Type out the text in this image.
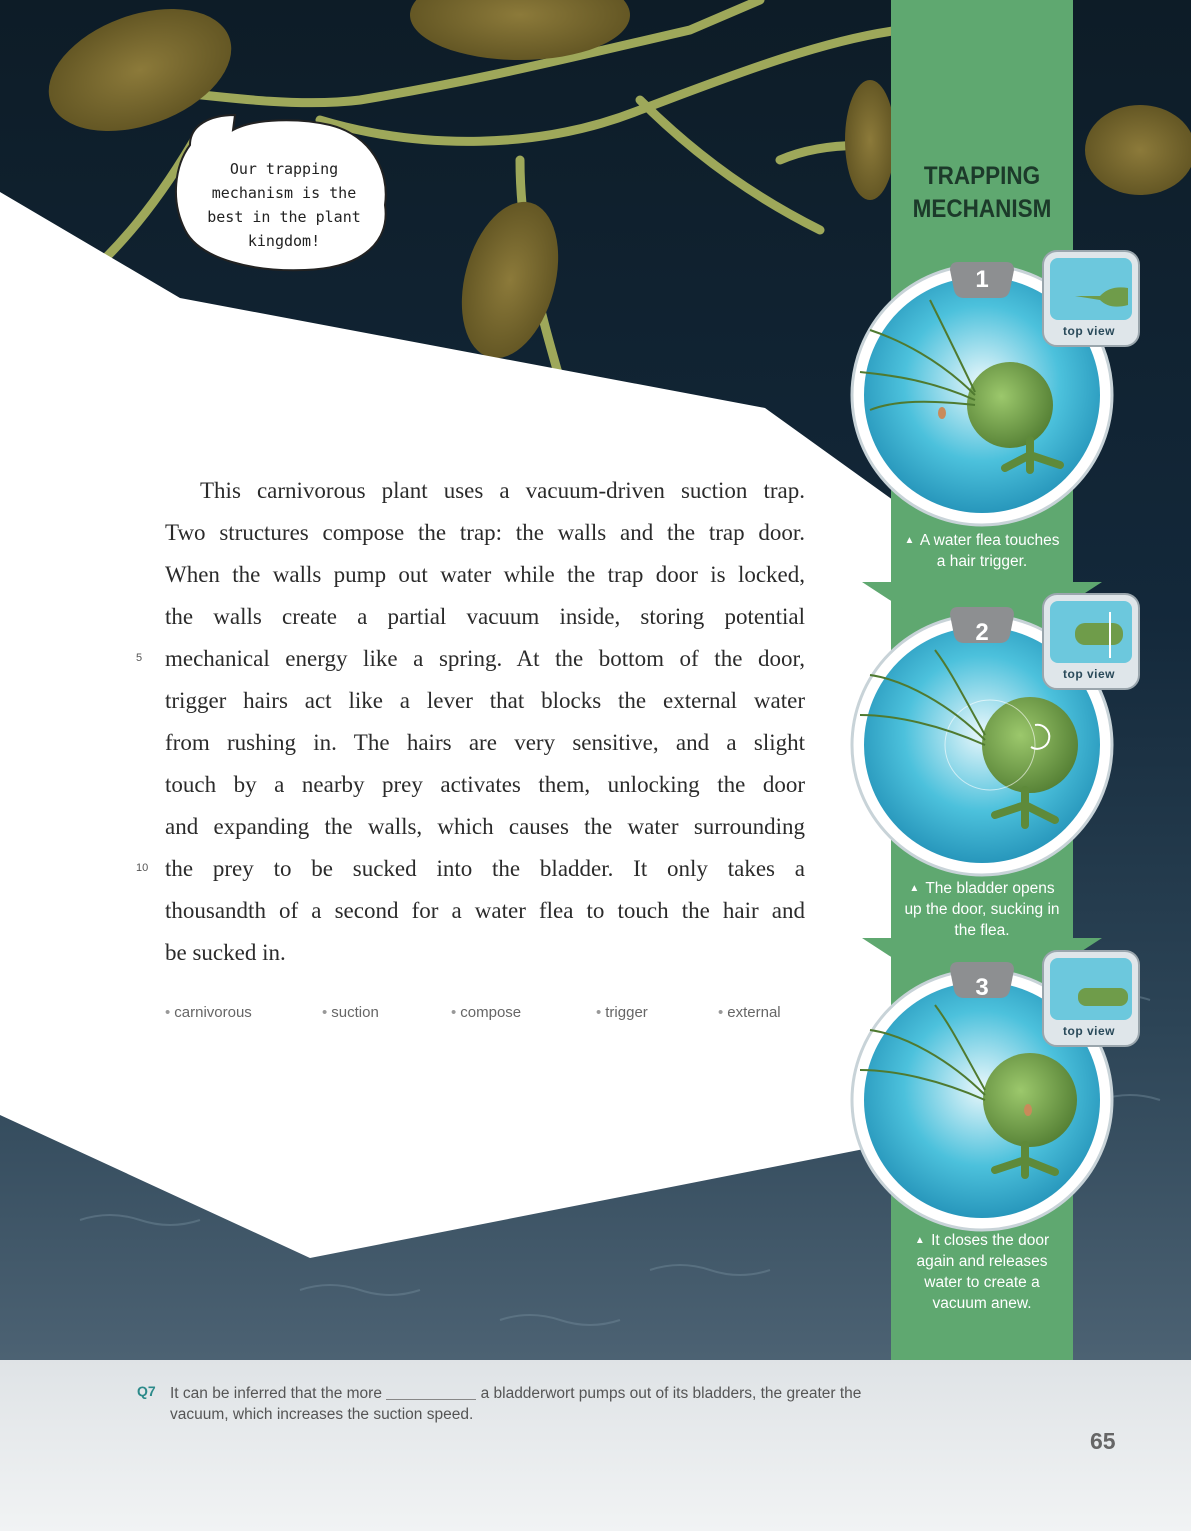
Our trapping mechanism is the best in the plant kingdom!
TRAPPING
MECHANISM
1
2
3
top view
top view
top view
▲ A water flea touches a hair trigger.
▲ The bladder opens up the door, sucking in the flea.
▲ It closes the door again and releases water to create a vacuum anew.

This carnivorous plant uses a vacuum-driven suction trap.

Two structures compose the trap: the walls and the trap door.

When the walls pump out water while the trap door is locked,

the walls create a partial vacuum inside, storing potential

mechanical energy like a spring. At the bottom of the door,

trigger hairs act like a lever that blocks the external water

from rushing in. The hairs are very sensitive, and a slight

touch by a nearby prey activates them, unlocking the door

and expanding the walls, which causes the water surrounding

the prey to be sucked into the bladder. It only takes a

thousandth of a second for a water flea to touch the hair and

be sucked in.

5
10
• carnivorous	• suction	• compose	• trigger	• external
Q7 It can be inferred that the more	a bladderwort pumps out of its bladders, the greater the vacuum, which increases the suction speed.
65
